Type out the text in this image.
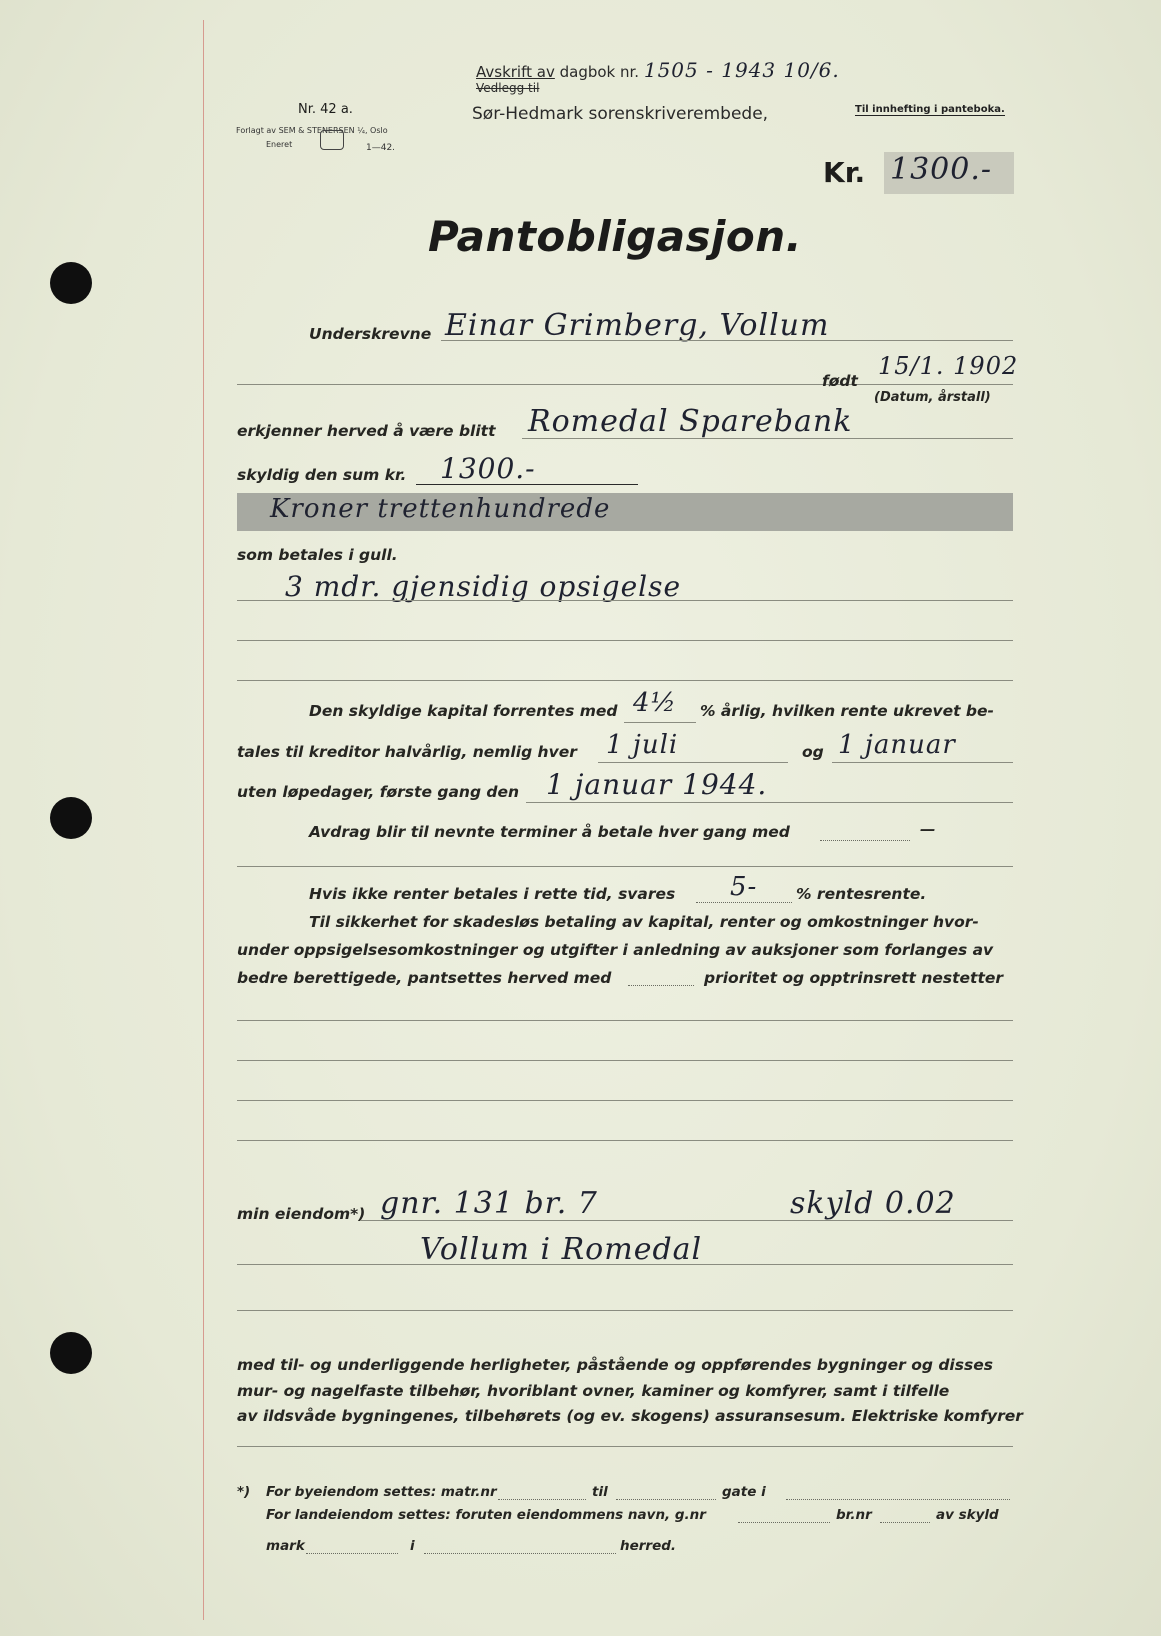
Nr. 42 a.
Forlagt av SEM & STENERSEN ¼, Oslo
Eneret	1—42.
Avskrift av dagbok nr. 1505 - 1943 10/6.
Vedlegg til
Sør-Hedmark sorenskriverembede,	Til innhefting i panteboka.
Kr. 1300.-
Pantobligasjon.
Underskrevne Einar Grimberg, Vollum
født
15/1. 1902
(Datum, årstall)
erkjenner herved å være blitt Romedal Sparebank
skyldig den sum kr. 1300.-
Kroner trettenhundrede
som betales i gull.
3 mdr. gjensidig opsigelse
Den skyldige kapital forrentes med 4½ % årlig, hvilken rente ukrevet be-
tales til kreditor halvårlig, nemlig hver 1 juli	og 1 januar
uten løpedager, første gang den 1 januar 1944.
Avdrag blir til nevnte terminer å betale hver gang med	—
Hvis ikke renter betales i rette tid, svares 5- % rentesrente.
Til sikkerhet for skadesløs betaling av kapital, renter og omkostninger hvor-
under oppsigelsesomkostninger og utgifter i anledning av auksjoner som forlanges av
bedre berettigede, pantsettes herved med	prioritet og opptrinsrett nestetter
min eiendom*) gnr. 131 br. 7	skyld 0.02
Vollum i Romedal
med til- og underliggende herligheter, påstående og oppførendes bygninger og disses
mur- og nagelfaste tilbehør, hvoriblant ovner, kaminer og komfyrer, samt i tilfelle
av ildsvåde bygningenes, tilbehørets (og ev. skogens) assuransesum. Elektriske komfyrer
*) For byeiendom settes: matr.nr	til	gate i
For landeiendom settes: foruten eiendommens navn, g.nr	br.nr	av skyld
mark	i	herred.
